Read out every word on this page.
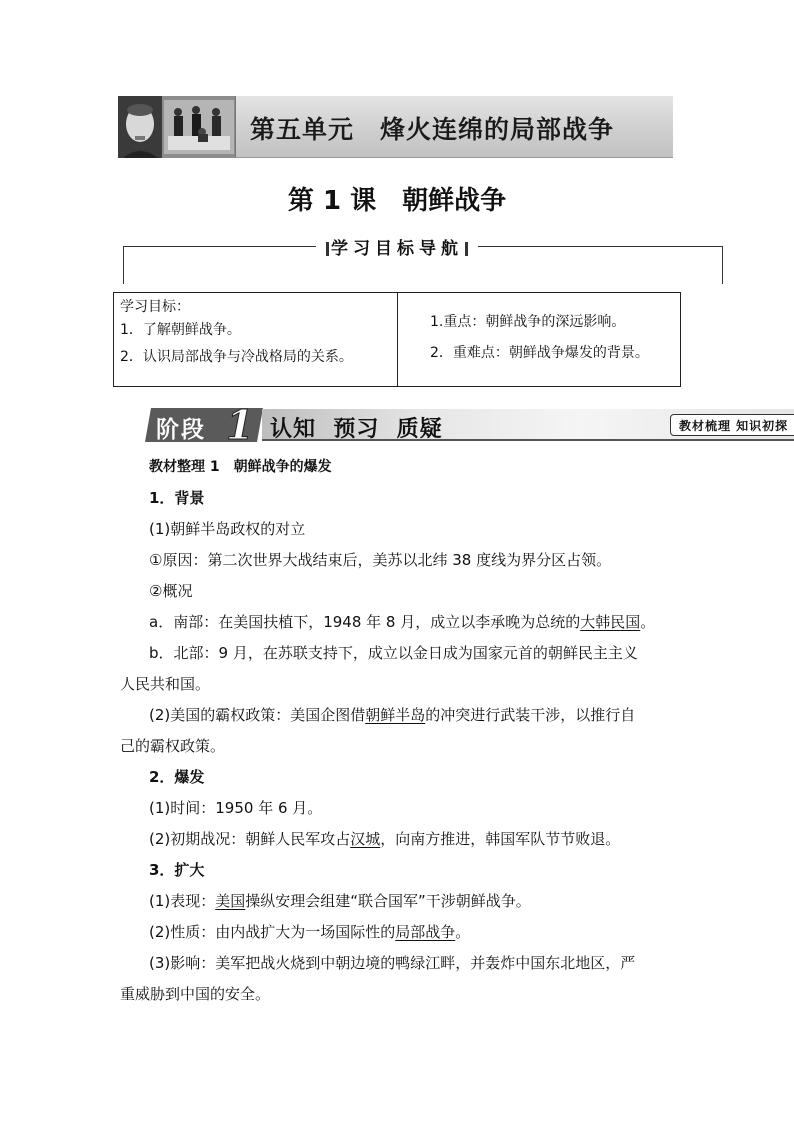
第五单元　烽火连绵的局部战争
第 1 课　朝鲜战争
学习目标导航
学习目标：
1．了解朝鲜战争。
2．认识局部战争与冷战格局的关系。
1.重点：朝鲜战争的深远影响。
2．重难点：朝鲜战争爆发的背景。
阶段 1 认知  预习  质疑	教材梳理 知识初探

教材整理 1　朝鲜战争的爆发

1．背景

(1)朝鲜半岛政权的对立

①原因：第二次世界大战结束后，美苏以北纬 38 度线为界分区占领。

②概况

a．南部：在美国扶植下，1948 年 8 月，成立以李承晚为总统的大韩民国。

b．北部：9 月，在苏联支持下，成立以金日成为国家元首的朝鲜民主主义

人民共和国。

(2)美国的霸权政策：美国企图借朝鲜半岛的冲突进行武装干涉，以推行自

己的霸权政策。

2．爆发

(1)时间：1950 年 6 月。

(2)初期战况：朝鲜人民军攻占汉城，向南方推进，韩国军队节节败退。

3．扩大

(1)表现：美国操纵安理会组建“联合国军”干涉朝鲜战争。

(2)性质：由内战扩大为一场国际性的局部战争。

(3)影响：美军把战火烧到中朝边境的鸭绿江畔，并轰炸中国东北地区，严

重威胁到中国的安全。
